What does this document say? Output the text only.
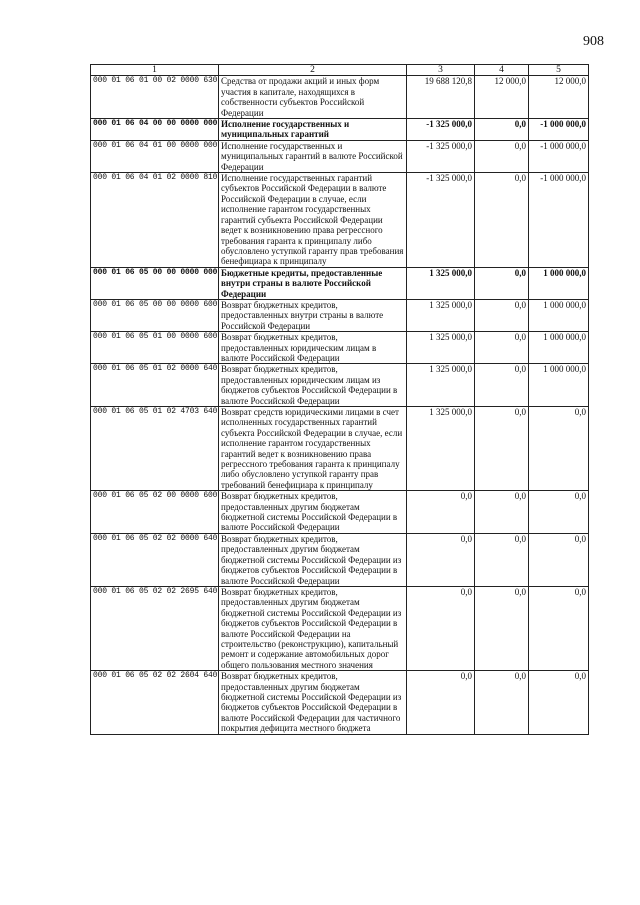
908
1	2	3	4	5
000 01 06 01 00 02 0000 630	Средства от продажи акций и иных форм участия в капитале, находящихся в собственности субъектов Российской Федерации	19 688 120,8	12 000,0	12 000,0
000 01 06 04 00 00 0000 000	Исполнение государственных и муниципальных гарантий	-1 325 000,0	0,0	-1 000 000,0
000 01 06 04 01 00 0000 000	Исполнение государственных и муниципальных гарантий в валюте Российской Федерации	-1 325 000,0	0,0	-1 000 000,0
000 01 06 04 01 02 0000 810	Исполнение государственных гарантий субъектов Российской Федерации в валюте Российской Федерации в случае, если исполнение гарантом государственных гарантий субъекта Российской Федерации ведет к возникновению права регрессного требования гаранта к принципалу либо обусловлено уступкой гаранту прав требования бенефициара к принципалу	-1 325 000,0	0,0	-1 000 000,0
000 01 06 05 00 00 0000 000	Бюджетные кредиты, предоставленные внутри страны в валюте Российской Федерации	1 325 000,0	0,0	1 000 000,0
000 01 06 05 00 00 0000 600	Возврат бюджетных кредитов, предоставленных внутри страны в валюте Российской Федерации	1 325 000,0	0,0	1 000 000,0
000 01 06 05 01 00 0000 600	Возврат бюджетных кредитов, предоставленных юридическим лицам в валюте Российской Федерации	1 325 000,0	0,0	1 000 000,0
000 01 06 05 01 02 0000 640	Возврат бюджетных кредитов, предоставленных юридическим лицам из бюджетов субъектов Российской Федерации в валюте Российской Федерации	1 325 000,0	0,0	1 000 000,0
000 01 06 05 01 02 4703 640	Возврат средств юридическими лицами в счет исполненных государственных гарантий субъекта Российской Федерации в случае, если исполнение гарантом государственных гарантий ведет к возникновению права регрессного требования гаранта к принципалу либо обусловлено уступкой гаранту прав требований бенефициара к принципалу	1 325 000,0	0,0	0,0
000 01 06 05 02 00 0000 600	Возврат бюджетных кредитов, предоставленных другим бюджетам бюджетной системы Российской Федерации в валюте Российской Федерации	0,0	0,0	0,0
000 01 06 05 02 02 0000 640	Возврат бюджетных кредитов, предоставленных другим бюджетам бюджетной системы Российской Федерации из бюджетов субъектов Российской Федерации в валюте Российской Федерации	0,0	0,0	0,0
000 01 06 05 02 02 2695 640	Возврат бюджетных кредитов, предоставленных другим бюджетам бюджетной системы Российской Федерации из бюджетов субъектов Российской Федерации в валюте Российской Федерации на строительство (реконструкцию), капитальный ремонт и содержание автомобильных дорог общего пользования местного значения	0,0	0,0	0,0
000 01 06 05 02 02 2604 640	Возврат бюджетных кредитов, предоставленных другим бюджетам бюджетной системы Российской Федерации из бюджетов субъектов Российской Федерации в валюте Российской Федерации для частичного покрытия дефицита местного бюджета	0,0	0,0	0,0
